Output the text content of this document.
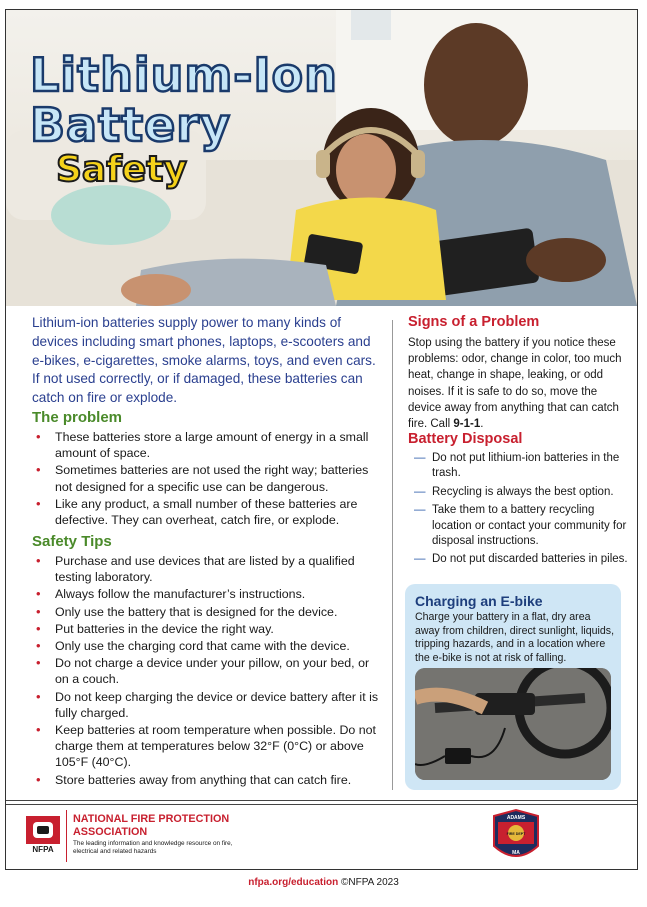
Lithium-Ion
Battery
Safety
Lithium-ion batteries supply power to many kinds of devices including smart phones, laptops, e-scooters and e-bikes, e-cigarettes, smoke alarms, toys, and even cars. If not used correctly, or if damaged, these batteries can catch on fire or explode.
The problem
• These batteries store a large amount of energy in a small amount of space.
• Sometimes batteries are not used the right way; batteries not designed for a specific use can be dangerous.
• Like any product, a small number of these batteries are defective. They can overheat, catch fire, or explode.
Safety Tips
• Purchase and use devices that are listed by a qualified testing laboratory.
• Always follow the manufacturer’s instructions.
• Only use the battery that is designed for the device.
• Put batteries in the device the right way.
• Only use the charging cord that came with the device.
• Do not charge a device under your pillow, on your bed, or on a couch.
• Do not keep charging the device or device battery after it is fully charged.
• Keep batteries at room temperature when possible. Do not charge them at temperatures below 32°F (0°C) or above 105°F (40°C).
• Store batteries away from anything that can catch fire.
Signs of a Problem
Stop using the battery if you notice these problems: odor, change in color, too much heat, change in shape, leaking, or odd noises. If it is safe to do so, move the device away from anything that can catch fire. Call 9-1-1.
Battery Disposal
— Do not put lithium-ion batteries in the trash.
— Recycling is always the best option.
— Take them to a battery recycling location or contact your community for disposal instructions.
— Do not put discarded batteries in piles.
Charging an E-bike
Charge your battery in a flat, dry area away from children, direct sunlight, liquids, tripping hazards, and in a location where the e-bike is not at risk of falling.
NFPA
NATIONAL FIRE PROTECTION ASSOCIATION
The leading information and knowledge resource on fire, electrical and related hazards
ADAMS
FIRE DEPT
MA
nfpa.org/education ©NFPA 2023
